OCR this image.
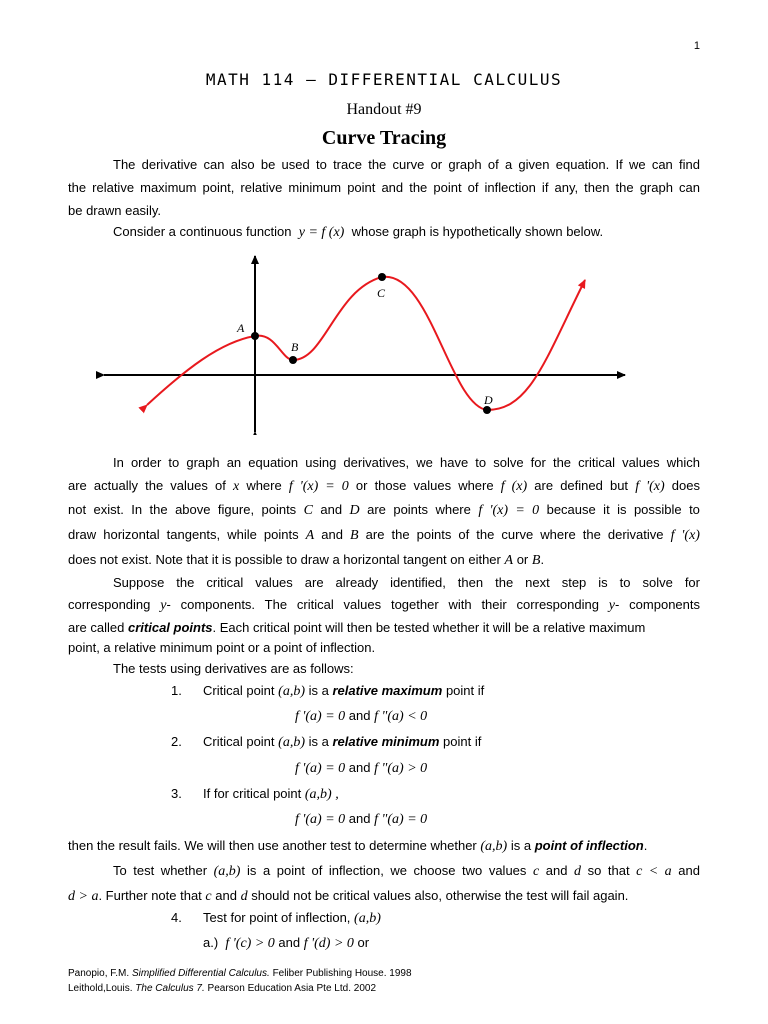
1
MATH 114 – DIFFERENTIAL CALCULUS
Handout #9
Curve Tracing
The derivative can also be used to trace the curve or graph of a given equation. If we can find
the relative maximum point, relative minimum point and the point of inflection if any, then the graph can
be drawn easily.
Consider a continuous function y = f (x) whose graph is hypothetically shown below.
A
B
C
D
In order to graph an equation using derivatives, we have to solve for the critical values which
are actually the values of x where f '(x) = 0 or those values where f (x) are defined but f '(x) does
not exist. In the above figure, points C and D are points where f '(x) = 0 because it is possible to
draw horizontal tangents, while points A and B are the points of the curve where the derivative f '(x)
does not exist. Note that it is possible to draw a horizontal tangent on either A or B.
Suppose the critical values are already identified, then the next step is to solve for
corresponding y- components. The critical values together with their corresponding y- components
are called critical points. Each critical point will then be tested whether it will be a relative maximum
point, a relative minimum point or a point of inflection.
The tests using derivatives are as follows:
1.	Critical point (a,b) is a relative maximum point if
f '(a) = 0 and f "(a) < 0
2.	Critical point (a,b) is a relative minimum point if
f '(a) = 0 and f "(a) > 0
3.	If for critical point (a,b) ,
f '(a) = 0 and f "(a) = 0
then the result fails. We will then use another test to determine whether (a,b) is a point of inflection.
To test whether (a,b) is a point of inflection, we choose two values c and d so that c < a and
d > a. Further note that c and d should not be critical values also, otherwise the test will fail again.
4.	Test for point of inflection, (a,b)
a.) f '(c) > 0 and f '(d) > 0 or
Panopio, F.M. Simplified Differential Calculus. Feliber Publishing House. 1998
Leithold,Louis. The Calculus 7. Pearson Education Asia Pte Ltd. 2002
